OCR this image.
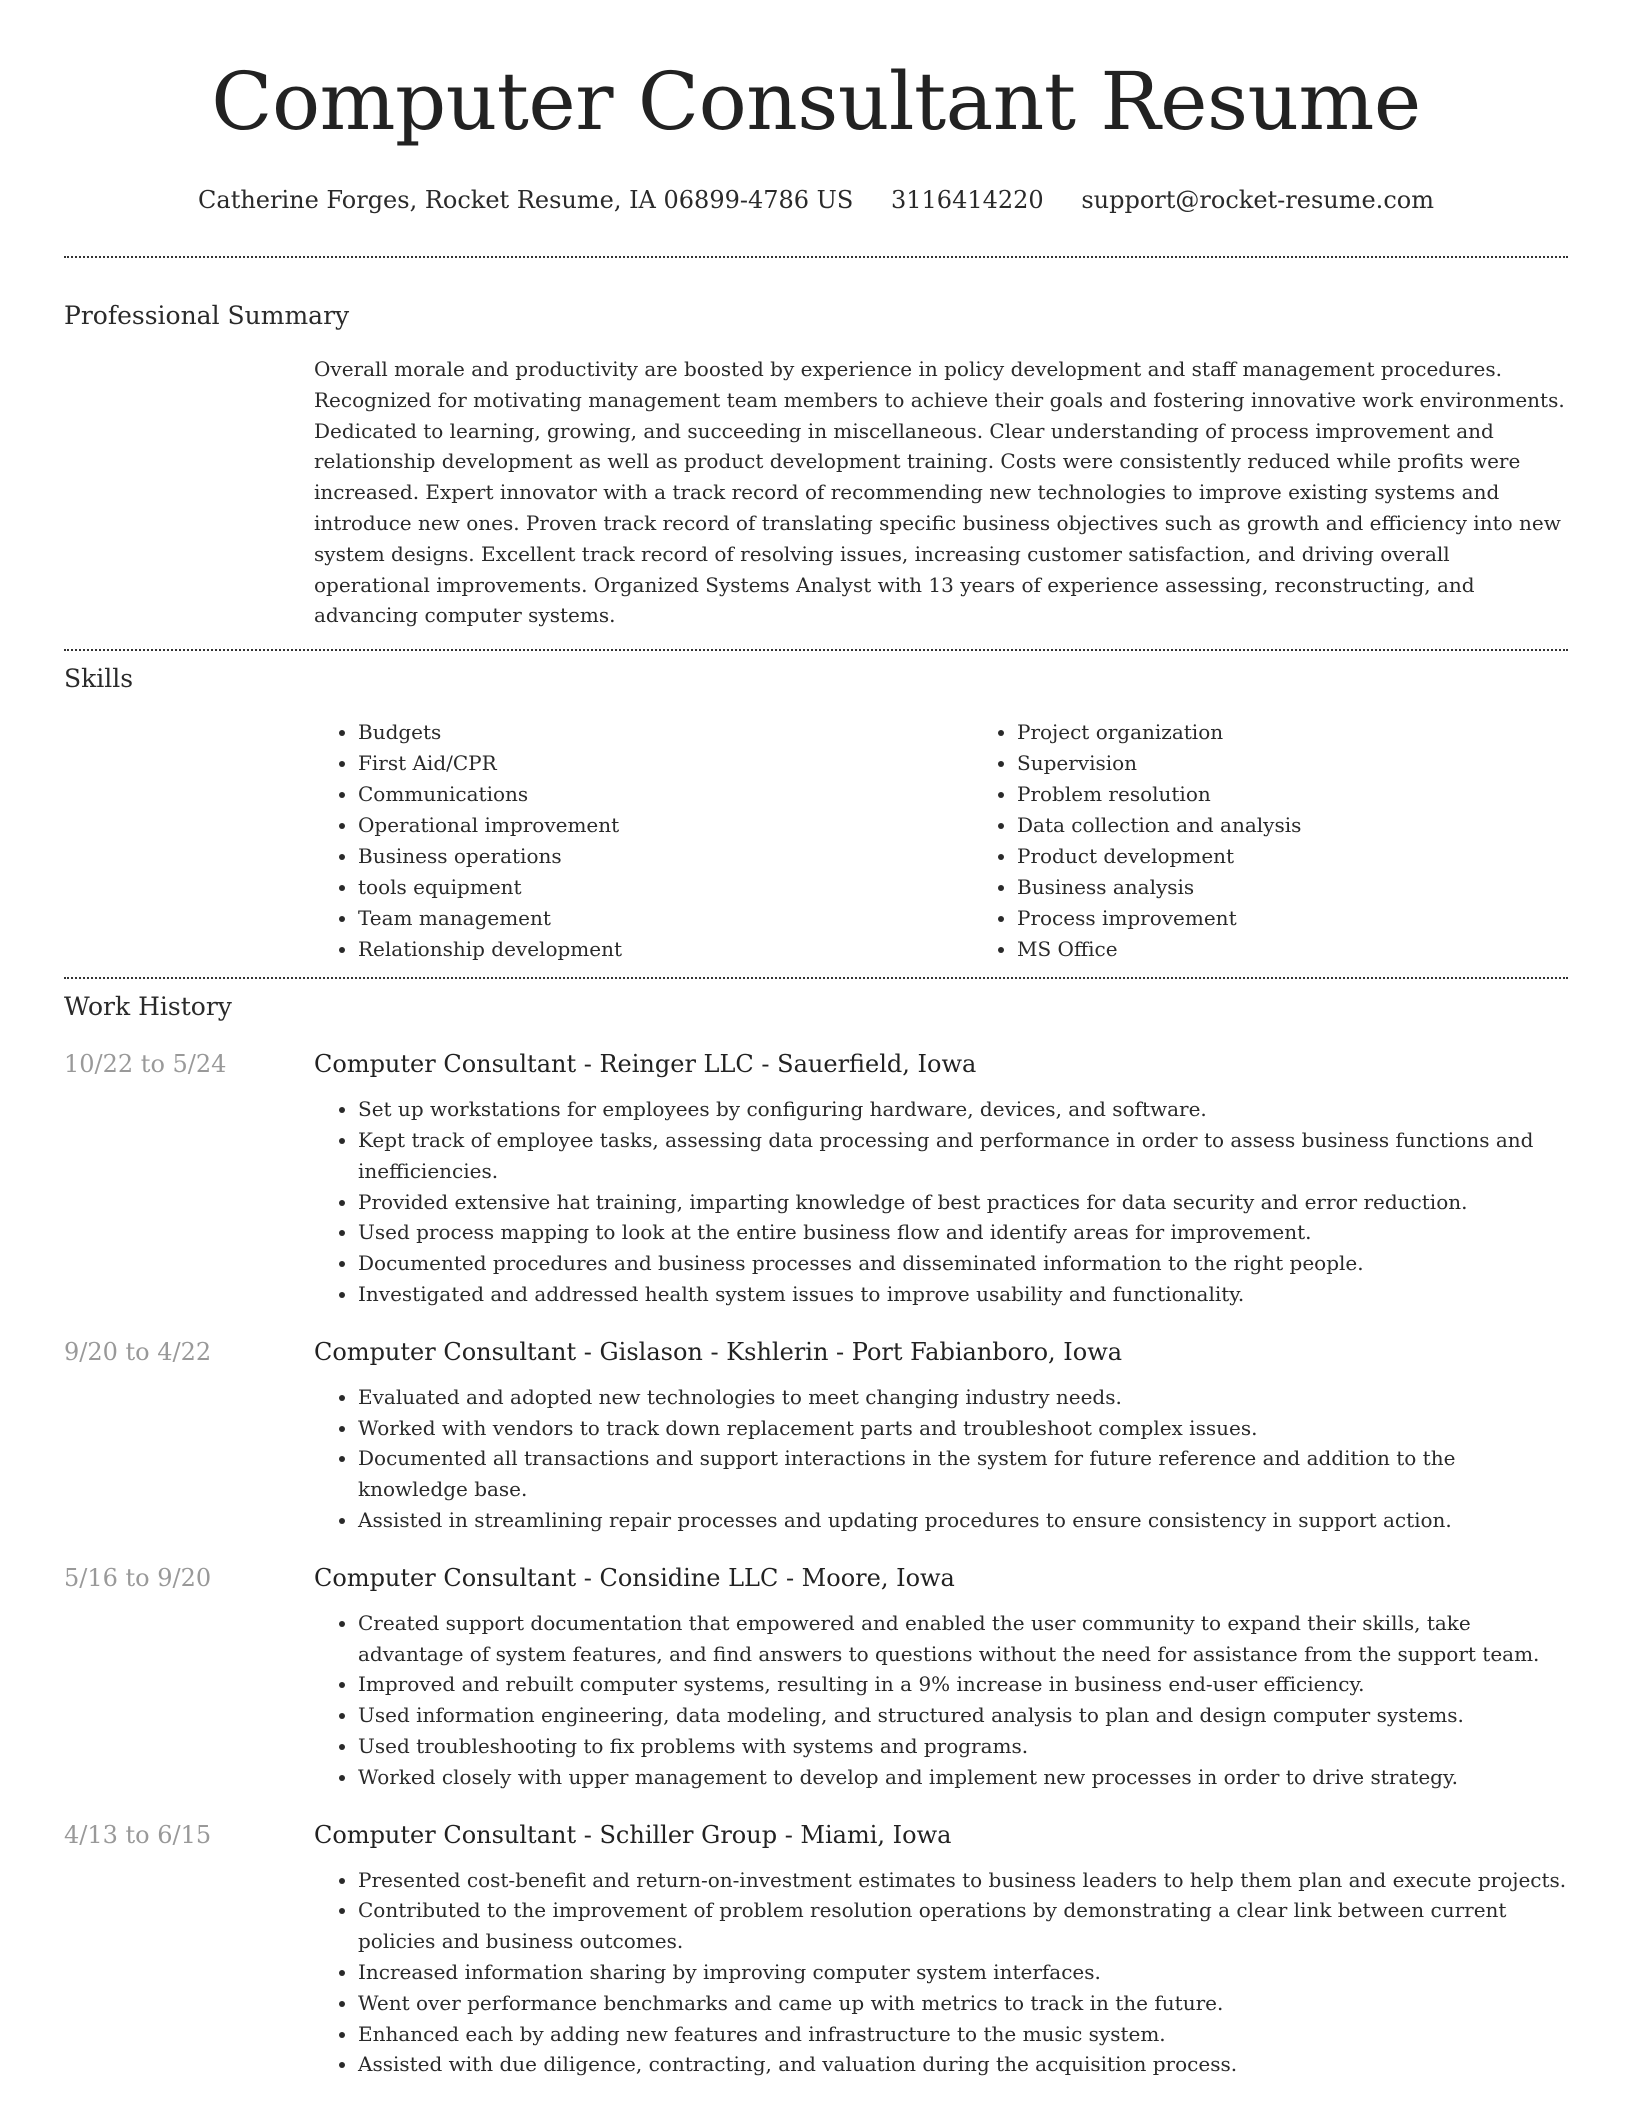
Computer Consultant Resume
Catherine Forges, Rocket Resume, IA 06899-4786 US 3116414220 support@rocket-resume.com
Professional Summary

Overall morale and productivity are boosted by experience in policy development and staff management procedures. Recognized for motivating management team members to achieve their goals and fostering innovative work environments. Dedicated to learning, growing, and succeeding in miscellaneous. Clear understanding of process improvement and relationship development as well as product development training. Costs were consistently reduced while profits were increased. Expert innovator with a track record of recommending new technologies to improve existing systems and introduce new ones. Proven track record of translating specific business objectives such as growth and efficiency into new system designs. Excellent track record of resolving issues, increasing customer satisfaction, and driving overall operational improvements. Organized Systems Analyst with 13 years of experience assessing, reconstructing, and advancing computer systems.

Skills
• Budgets
• First Aid/CPR
• Communications
• Operational improvement
• Business operations
• tools equipment
• Team management
• Relationship development
• Project organization
• Supervision
• Problem resolution
• Data collection and analysis
• Product development
• Business analysis
• Process improvement
• MS Office
Work History
10/22 to 5/24	Computer Consultant - Reinger LLC - Sauerfield, Iowa
• Set up workstations for employees by configuring hardware, devices, and software.
• Kept track of employee tasks, assessing data processing and performance in order to assess business functions and inefficiencies.
• Provided extensive hat training, imparting knowledge of best practices for data security and error reduction.
• Used process mapping to look at the entire business flow and identify areas for improvement.
• Documented procedures and business processes and disseminated information to the right people.
• Investigated and addressed health system issues to improve usability and functionality.
9/20 to 4/22	Computer Consultant - Gislason - Kshlerin - Port Fabianboro, Iowa
• Evaluated and adopted new technologies to meet changing industry needs.
• Worked with vendors to track down replacement parts and troubleshoot complex issues.
• Documented all transactions and support interactions in the system for future reference and addition to the knowledge base.
• Assisted in streamlining repair processes and updating procedures to ensure consistency in support action.
5/16 to 9/20	Computer Consultant - Considine LLC - Moore, Iowa
• Created support documentation that empowered and enabled the user community to expand their skills, take advantage of system features, and find answers to questions without the need for assistance from the support team.
• Improved and rebuilt computer systems, resulting in a 9% increase in business end-user efficiency.
• Used information engineering, data modeling, and structured analysis to plan and design computer systems.
• Used troubleshooting to fix problems with systems and programs.
• Worked closely with upper management to develop and implement new processes in order to drive strategy.
4/13 to 6/15	Computer Consultant - Schiller Group - Miami, Iowa
• Presented cost-benefit and return-on-investment estimates to business leaders to help them plan and execute projects.
• Contributed to the improvement of problem resolution operations by demonstrating a clear link between current policies and business outcomes.
• Increased information sharing by improving computer system interfaces.
• Went over performance benchmarks and came up with metrics to track in the future.
• Enhanced each by adding new features and infrastructure to the music system.
• Assisted with due diligence, contracting, and valuation during the acquisition process.
